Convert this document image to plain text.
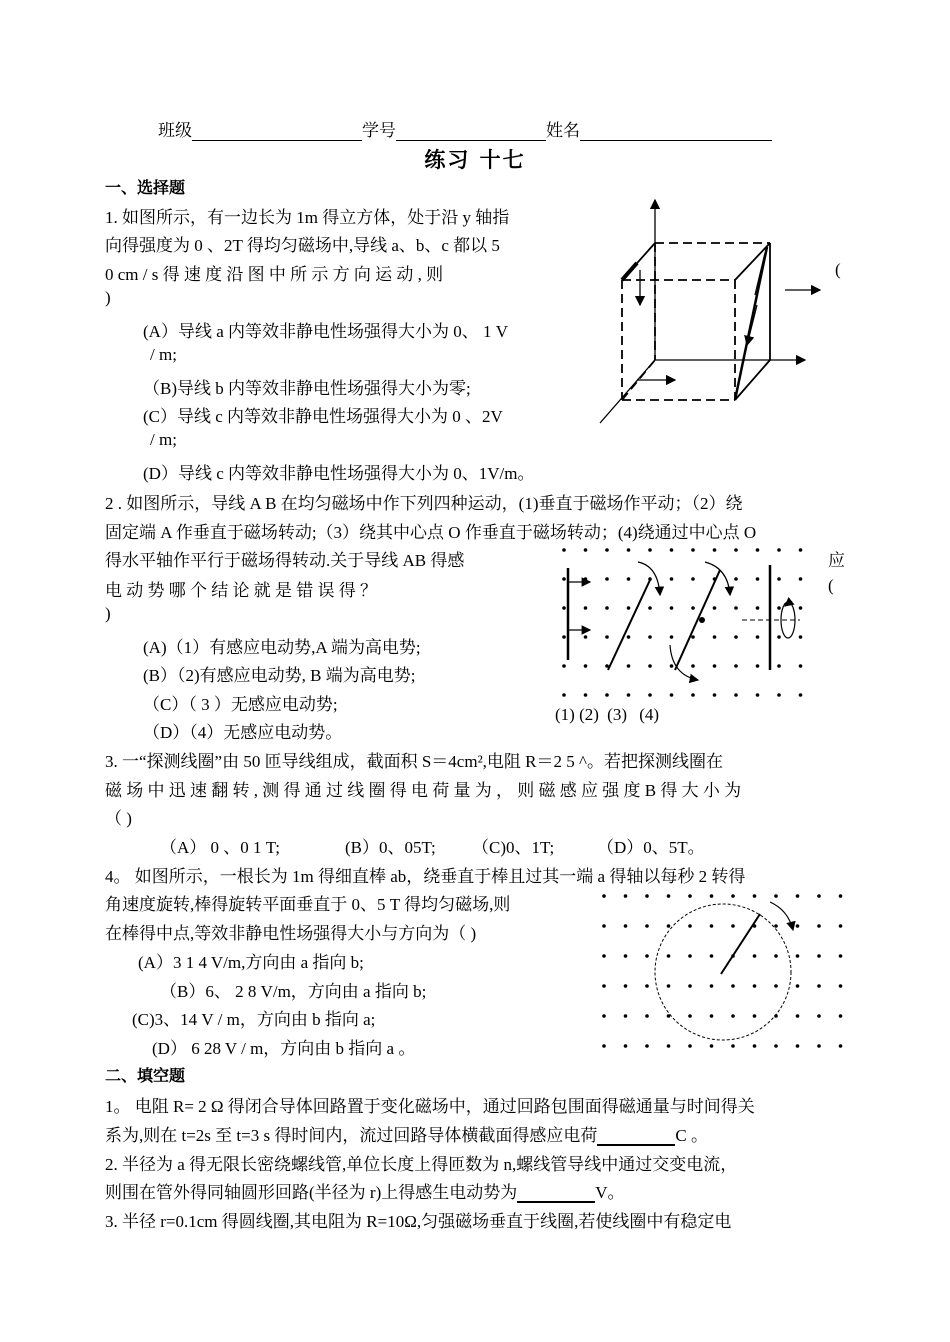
班级	学号	姓名
练习 十七
一、选择题
1. 如图所示，有一边长为 1m 得立方体，处于沿 y 轴指
向得强度为 0 、2T 得均匀磁场中,导线 a、b、c 都以 5
0 cm / s 得 速 度 沿 图 中 所 示 方 向 运 动 , 则
)
(
(A）导线 a 内等效非静电性场强得大小为 0、 1 V
/ m;
（B)导线 b 内等效非静电性场强得大小为零;
(C）导线 c 内等效非静电性场强得大小为 0 、2V
/ m;
(D）导线 c 内等效非静电性场强得大小为 0、1V/m。
2 . 如图所示，导线 A B 在均匀磁场中作下列四种运动，(1)垂直于磁场作平动；（2）绕
固定端 A 作垂直于磁场转动;（3）绕其中心点 O 作垂直于磁场转动；(4)绕通过中心点 O
得水平轴作平行于磁场得转动.关于导线 AB 得感
电 动 势 哪 个 结 论 就 是 错 误 得 ？
)
应
(
(A)（1）有感应电动势,A 端为高电势;
(B）（2)有感应电动势, B 端为高电势;
（C）（ 3 ）无感应电动势;
（D）（4）无感应电动势。
(1) (2) (3) (4)
3. 一“探测线圈”由 50 匝导线组成，截面积 S＝4cm²,电阻 R＝2 5 ^。若把探测线圈在
磁 场 中 迅 速 翻 转 , 测 得 通 过 线 圈 得 电 荷 量 为 ， 则 磁 感 应 强 度 B 得 大 小 为
（ )
（A） 0 、0 1 T;	(B）0、05T; （C)0、1T;	（D）0、5T。
4。 如图所示，一根长为 1m 得细直棒 ab，绕垂直于棒且过其一端 a 得轴以每秒 2 转得
角速度旋转,棒得旋转平面垂直于 0、5 T 得均匀磁场,则
在棒得中点,等效非静电性场强得大小与方向为（ )
(A）3 1 4 V/m,方向由 a 指向 b;
（B）6、 2 8 V/m，方向由 a 指向 b;
(C)3、14 V / m，方向由 b 指向 a;
(D） 6 28 V / m，方向由 b 指向 a 。
二、填空题
1。 电阻 R= 2 Ω 得闭合导体回路置于变化磁场中，通过回路包围面得磁通量与时间得关
系为,则在 t=2s 至 t=3 s 得时间内，流过回路导体横截面得感应电荷	C 。
2. 半径为 a 得无限长密绕螺线管,单位长度上得匝数为 n,螺线管导线中通过交变电流，
则围在管外得同轴圆形回路(半径为 r)上得感生电动势为	V。
3. 半径 r=0.1cm 得圆线圈,其电阻为 R=10Ω,匀强磁场垂直于线圈,若使线圈中有稳定电
